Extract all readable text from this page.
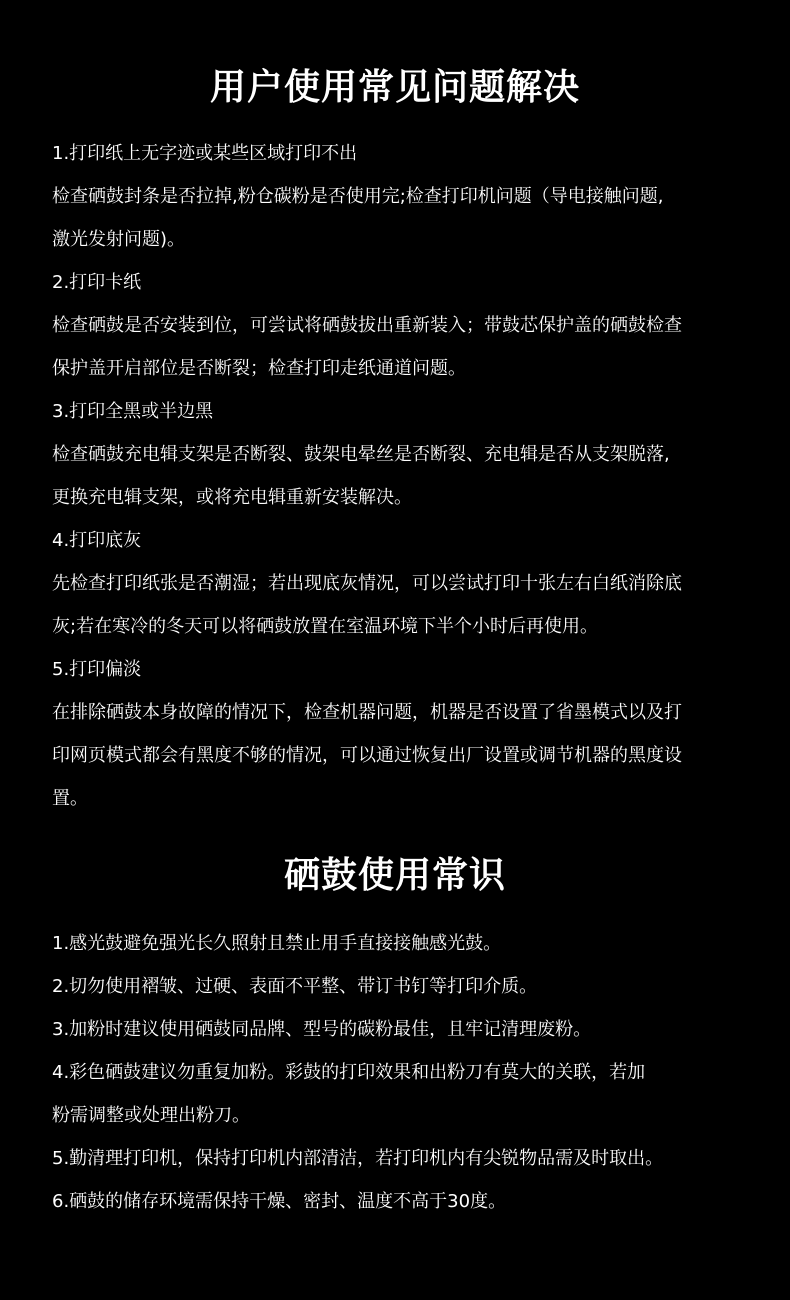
用户使用常见问题解决

1.打印纸上无字迹或某些区域打印不出

检查硒鼓封条是否拉掉,粉仓碳粉是否使用完;检查打印机问题（导电接触问题,

激光发射问题)。

2.打印卡纸

检查硒鼓是否安装到位，可尝试将硒鼓拔出重新装入；带鼓芯保护盖的硒鼓检查

保护盖开启部位是否断裂；检查打印走纸通道问题。

3.打印全黑或半边黑

检查硒鼓充电辑支架是否断裂、鼓架电晕丝是否断裂、充电辑是否从支架脱落,

更换充电辑支架，或将充电辑重新安装解决。

4.打印底灰

先检查打印纸张是否潮湿；若出现底灰情况，可以尝试打印十张左右白纸消除底

灰;若在寒冷的冬天可以将硒鼓放置在室温环境下半个小时后再使用。

5.打印偏淡

在排除硒鼓本身故障的情况下，检查机器问题，机器是否设置了省墨模式以及打

印网页模式都会有黑度不够的情况，可以通过恢复出厂设置或调节机器的黑度设

置。

硒鼓使用常识

1.感光鼓避免强光长久照射且禁止用手直接接触感光鼓。

2.切勿使用褶皱、过硬、表面不平整、带订书钉等打印介质。

3.加粉时建议使用硒鼓同品牌、型号的碳粉最佳，且牢记清理废粉。

4.彩色硒鼓建议勿重复加粉。彩鼓的打印效果和出粉刀有莫大的关联，若加

粉需调整或处理出粉刀。

5.勤清理打印机，保持打印机内部清洁，若打印机内有尖锐物品需及时取出。

6.硒鼓的储存环境需保持干燥、密封、温度不高于30度。
